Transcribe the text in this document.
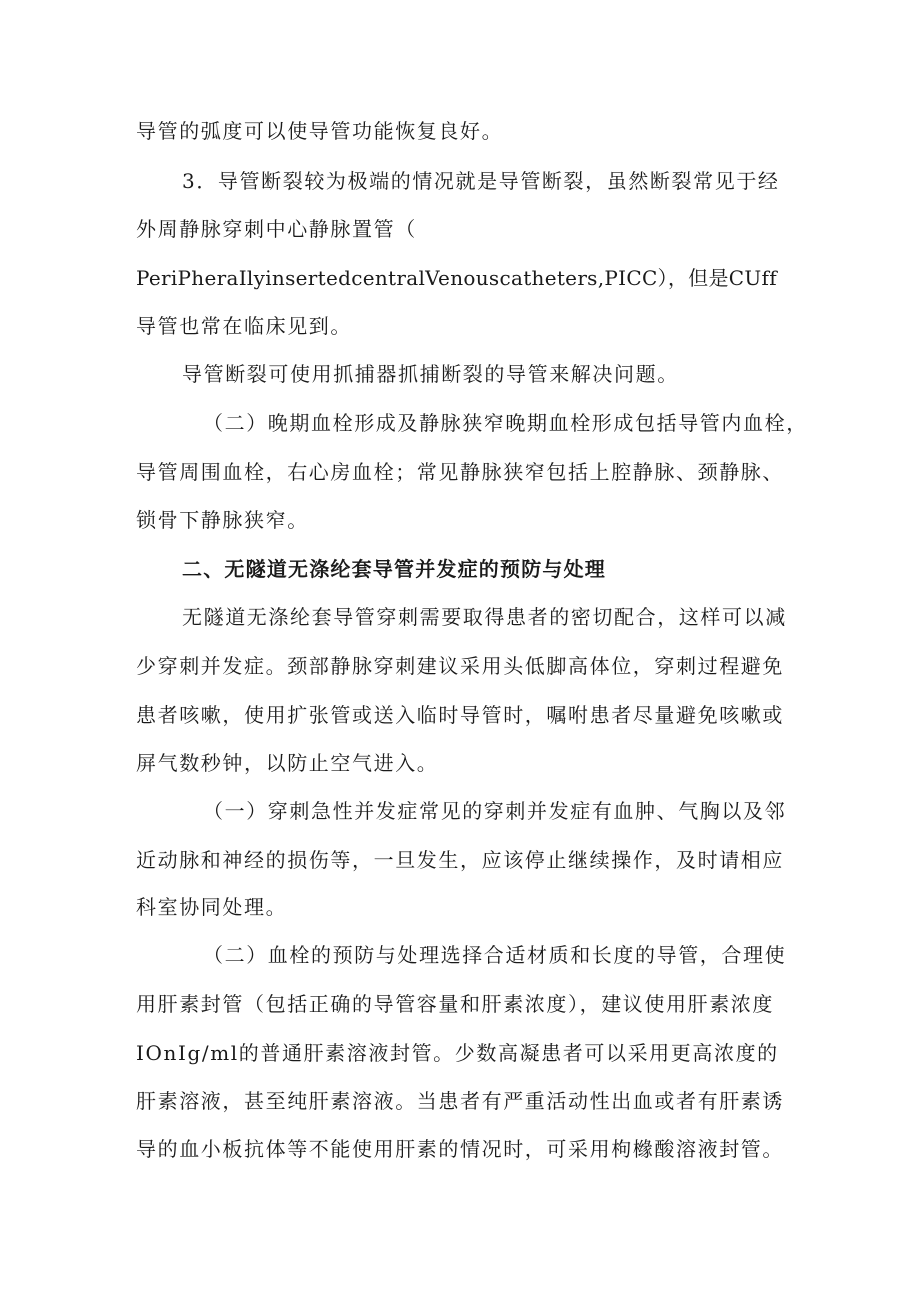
导管的弧度可以使导管功能恢复良好。
3．导管断裂较为极端的情况就是导管断裂，虽然断裂常见于经
外周静脉穿刺中心静脉置管（
PeriPheraIlyinsertedcentralVenouscatheters,PICC），但是CUff
导管也常在临床见到。
导管断裂可使用抓捕器抓捕断裂的导管来解决问题。
（二）晚期血栓形成及静脉狭窄晚期血栓形成包括导管内血栓，
导管周围血栓，右心房血栓；常见静脉狭窄包括上腔静脉、颈静脉、
锁骨下静脉狭窄。
二、无隧道无涤纶套导管并发症的预防与处理
无隧道无涤纶套导管穿刺需要取得患者的密切配合，这样可以减
少穿刺并发症。颈部静脉穿刺建议采用头低脚高体位，穿刺过程避免
患者咳嗽，使用扩张管或送入临时导管时，嘱咐患者尽量避免咳嗽或
屏气数秒钟，以防止空气进入。
（一）穿刺急性并发症常见的穿刺并发症有血肿、气胸以及邻
近动脉和神经的损伤等，一旦发生，应该停止继续操作，及时请相应
科室协同处理。
（二）血栓的预防与处理选择合适材质和长度的导管，合理使
用肝素封管（包括正确的导管容量和肝素浓度），建议使用肝素浓度
IOnIg/ml的普通肝素溶液封管。少数高凝患者可以采用更高浓度的
肝素溶液，甚至纯肝素溶液。当患者有严重活动性出血或者有肝素诱
导的血小板抗体等不能使用肝素的情况时，可采用枸橼酸溶液封管。
